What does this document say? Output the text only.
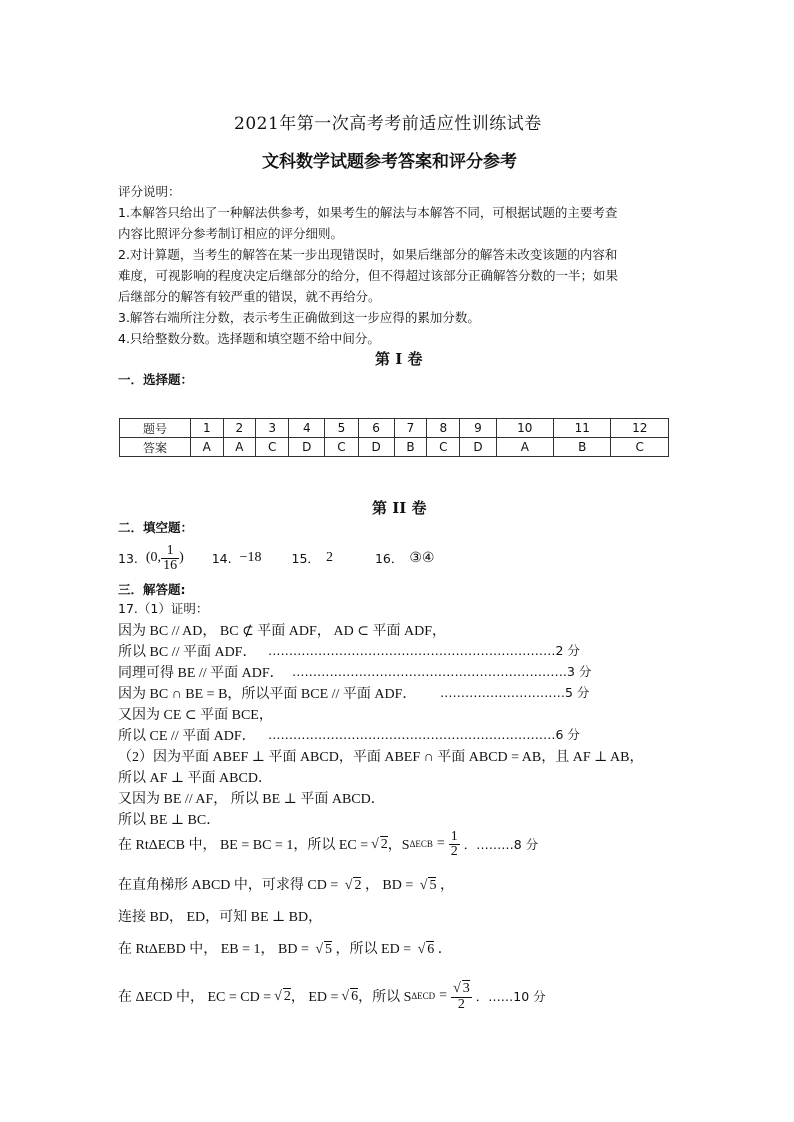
2021年第一次高考考前适应性训练试卷
文科数学试题参考答案和评分参考
评分说明：
1.本解答只给出了一种解法供参考，如果考生的解法与本解答不同，可根据试题的主要考查
内容比照评分参考制订相应的评分细则。
2.对计算题，当考生的解答在某一步出现错误时，如果后继部分的解答未改变该题的内容和
难度，可视影响的程度决定后继部分的给分，但不得超过该部分正确解答分数的一半；如果
后继部分的解答有较严重的错误，就不再给分。
3.解答右端所注分数，表示考生正确做到这一步应得的累加分数。
4.只给整数分数。选择题和填空题不给中间分。
第 I 卷
一．选择题：
题号	1	2	3	4	5	6	7	8	9	10	11	12
答案	A	A	C	D	C	D	B	C	D	A	B	C
第 II 卷
二．填空题：
13. (0, $\frac{1}{16}$ ) 14. −18 15． 2	16． ③④
三．解答题:
17.（1）证明：
因为 BC // AD， BC ⊄ 平面 ADF， AD ⊂ 平面 ADF，
所以 BC // 平面 ADF． ……………………………………………………………2 分
同理可得 BE // 平面 ADF． …………………………………………………………3 分
因为 BC ∩ BE = B，所以平面 BCE // 平面 ADF． …………………………5 分
又因为 CE ⊂ 平面 BCE，
所以 CE // 平面 ADF． ……………………………………………………………6 分
（2）因为平面 ABEF ⊥ 平面 ABCD，平面 ABEF ∩ 平面 ABCD = AB，且 AF ⊥ AB，
所以 AF ⊥ 平面 ABCD．
又因为 BE // AF， 所以 BE ⊥ 平面 ABCD．
所以 BE ⊥ BC．
在 RtΔECB 中， BE = BC = 1，所以 EC = √ 2 ，S $\Delta ECB = \frac{1}{2}$ ．………8 分
在直角梯形 ABCD 中，可求得 CD = √ 2 ， BD = √ 5 ，
连接 BD， ED，可知 BE ⊥ BD，
在 RtΔEBD 中， EB = 1， BD = √ 5 ，所以 ED = √ 6 ．
在 ΔECD 中， EC = CD = √ 2 ， ED = √ 6 ，所以 S $\Delta ECD = \frac{√ 3}{2}$ ．……10 分
